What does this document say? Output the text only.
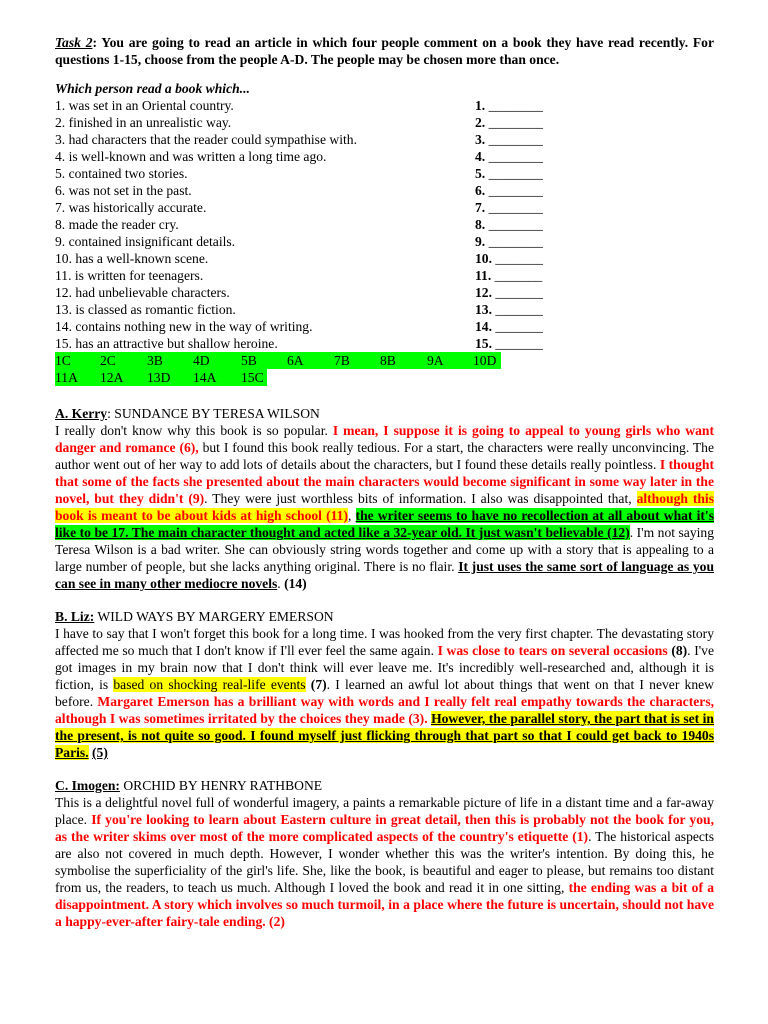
Task 2: You are going to read an article in which four people comment on a book they have read recently. For questions 1-15, choose from the people A-D. The people may be chosen more than once.

Which person read a book which...

1. was set in an Oriental country.	1. ________
2. finished in an unrealistic way.	2. ________
3. had characters that the reader could sympathise with.	3. ________
4. is well-known and was written a long time ago.	4. ________
5. contained two stories.	5. ________
6. was not set in the past.	6. ________
7. was historically accurate.	7. ________
8. made the reader cry.	8. ________
9. contained insignificant details.	9. ________
10. has a well-known scene.	10. _______
11. is written for teenagers.	11. _______
12. had unbelievable characters.	12. _______
13. is classed as romantic fiction.	13. _______
14. contains nothing new in the way of writing.	14. _______
15. has an attractive but shallow heroine.	15. _______
1C 2C 3B 4D 5B 6A 7B 8B 9A 10D
11A 12A 13D 14A 15C

A. Kerry: SUNDANCE BY TERESA WILSON

I really don't know why this book is so popular. I mean, I suppose it is going to appeal to young girls who want danger and romance (6), but I found this book really tedious. For a start, the characters were really unconvincing. The author went out of her way to add lots of details about the characters, but I found these details really pointless. I thought that some of the facts she presented about the main characters would become significant in some way later in the novel, but they didn't (9). They were just worthless bits of information. I also was disappointed that, although this book is meant to be about kids at high school (11), the writer seems to have no recollection at all about what it's like to be 17. The main character thought and acted like a 32-year old. It just wasn't believable (12). I'm not saying Teresa Wilson is a bad writer. She can obviously string words together and come up with a story that is appealing to a large number of people, but she lacks anything original. There is no flair. It just uses the same sort of language as you can see in many other mediocre novels. (14)

B. Liz: WILD WAYS BY MARGERY EMERSON

I have to say that I won't forget this book for a long time. I was hooked from the very first chapter. The devastating story affected me so much that I don't know if I'll ever feel the same again. I was close to tears on several occasions (8). I've got images in my brain now that I don't think will ever leave me. It's incredibly well-researched and, although it is fiction, is based on shocking real-life events (7). I learned an awful lot about things that went on that I never knew before. Margaret Emerson has a brilliant way with words and I really felt real empathy towards the characters, although I was sometimes irritated by the choices they made (3). However, the parallel story, the part that is set in the present, is not quite so good. I found myself just flicking through that part so that I could get back to 1940s Paris. (5)

C. Imogen: ORCHID BY HENRY RATHBONE

This is a delightful novel full of wonderful imagery, a paints a remarkable picture of life in a distant time and a far-away place. If you're looking to learn about Eastern culture in great detail, then this is probably not the book for you, as the writer skims over most of the more complicated aspects of the country's etiquette (1). The historical aspects are also not covered in much depth. However, I wonder whether this was the writer's intention. By doing this, he symbolise the superficiality of the girl's life. She, like the book, is beautiful and eager to please, but remains too distant from us, the readers, to teach us much. Although I loved the book and read it in one sitting, the ending was a bit of a disappointment. A story which involves so much turmoil, in a place where the future is uncertain, should not have a happy-ever-after fairy-tale ending. (2)
